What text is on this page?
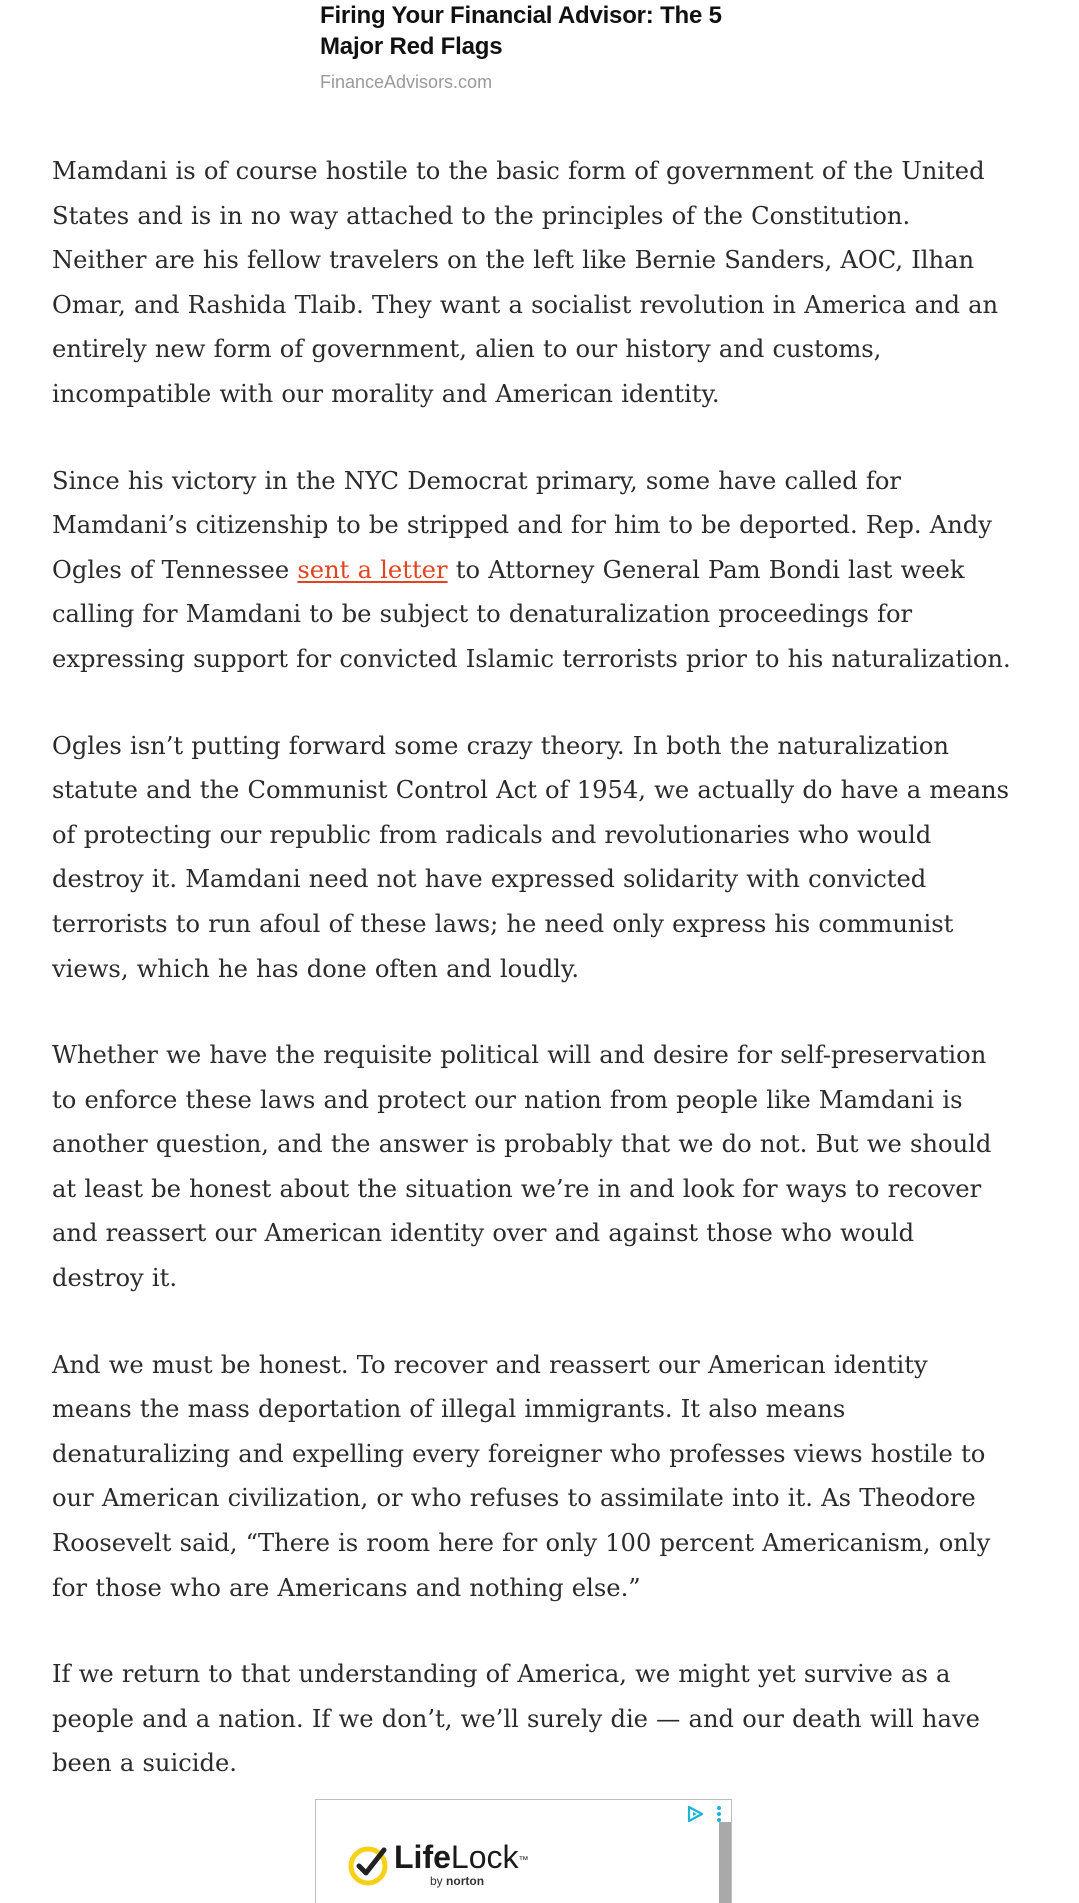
Firing Your Financial Advisor: The 5 Major Red Flags
FinanceAdvisors.com

Mamdani is of course hostile to the basic form of government of the United States and is in no way attached to the principles of the Constitution. Neither are his fellow travelers on the left like Bernie Sanders, AOC, Ilhan Omar, and Rashida Tlaib. They want a socialist revolution in America and an entirely new form of government, alien to our history and customs, incompatible with our morality and American identity.

Since his victory in the NYC Democrat primary, some have called for Mamdani’s citizenship to be stripped and for him to be deported. Rep. Andy Ogles of Tennessee sent a letter to Attorney General Pam Bondi last week calling for Mamdani to be subject to denaturalization proceedings for expressing support for convicted Islamic terrorists prior to his naturalization.

Ogles isn’t putting forward some crazy theory. In both the naturalization statute and the Communist Control Act of 1954, we actually do have a means of protecting our republic from radicals and revolutionaries who would destroy it. Mamdani need not have expressed solidarity with convicted terrorists to run afoul of these laws; he need only express his communist views, which he has done often and loudly.

Whether we have the requisite political will and desire for self-preservation to enforce these laws and protect our nation from people like Mamdani is another question, and the answer is probably that we do not. But we should at least be honest about the situation we’re in and look for ways to recover and reassert our American identity over and against those who would destroy it.

And we must be honest. To recover and reassert our American identity means the mass deportation of illegal immigrants. It also means denaturalizing and expelling every foreigner who professes views hostile to our American civilization, or who refuses to assimilate into it. As Theodore Roosevelt said, “There is room here for only 100 percent Americanism, only for those who are Americans and nothing else.”

If we return to that understanding of America, we might yet survive as a people and a nation. If we don’t, we’ll surely die — and our death will have been a suicide.

LifeLock™
by norton
